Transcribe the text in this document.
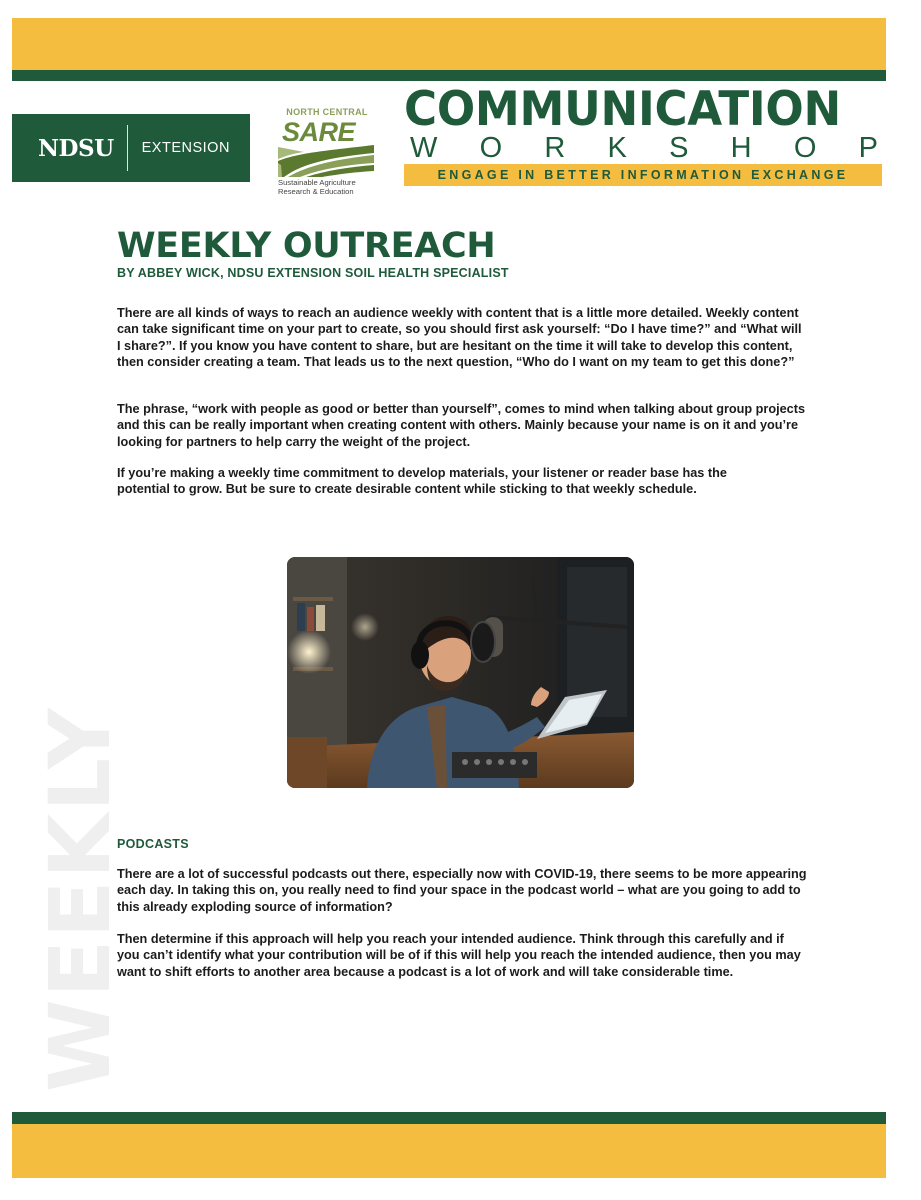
NDSU EXTENSION
NORTH CENTRAL
SARE
Sustainable Agriculture
Research & Education
COMMUNICATION
W O R K S H O P
ENGAGE IN BETTER INFORMATION EXCHANGE
WEEKLY
WEEKLY OUTREACH
BY ABBEY WICK, NDSU EXTENSION SOIL HEALTH SPECIALIST

There are all kinds of ways to reach an audience weekly with content that is a little more detailed. Weekly content can take significant time on your part to create, so you should first ask yourself: “Do I have time?” and “What will I share?”. If you know you have content to share, but are hesitant on the time it will take to develop this content, then consider creating a team. That leads us to the next question, “Who do I want on my team to get this done?”

The phrase, “work with people as good or better than yourself”, comes to mind when talking about group projects and this can be really important when creating content with others. Mainly because your name is on it and you’re looking for partners to help carry the weight of the project.

If you’re making a weekly time commitment to develop materials, your listener or reader base has the potential to grow. But be sure to create desirable content while sticking to that weekly schedule.

PODCASTS

There are a lot of successful podcasts out there, especially now with COVID-19, there seems to be more appearing each day. In taking this on, you really need to find your space in the podcast world – what are you going to add to this already exploding source of information?

Then determine if this approach will help you reach your intended audience. Think through this carefully and if you can’t identify what your contribution will be of if this will help you reach the intended audience, then you may want to shift efforts to another area because a podcast is a lot of work and will take considerable time.
